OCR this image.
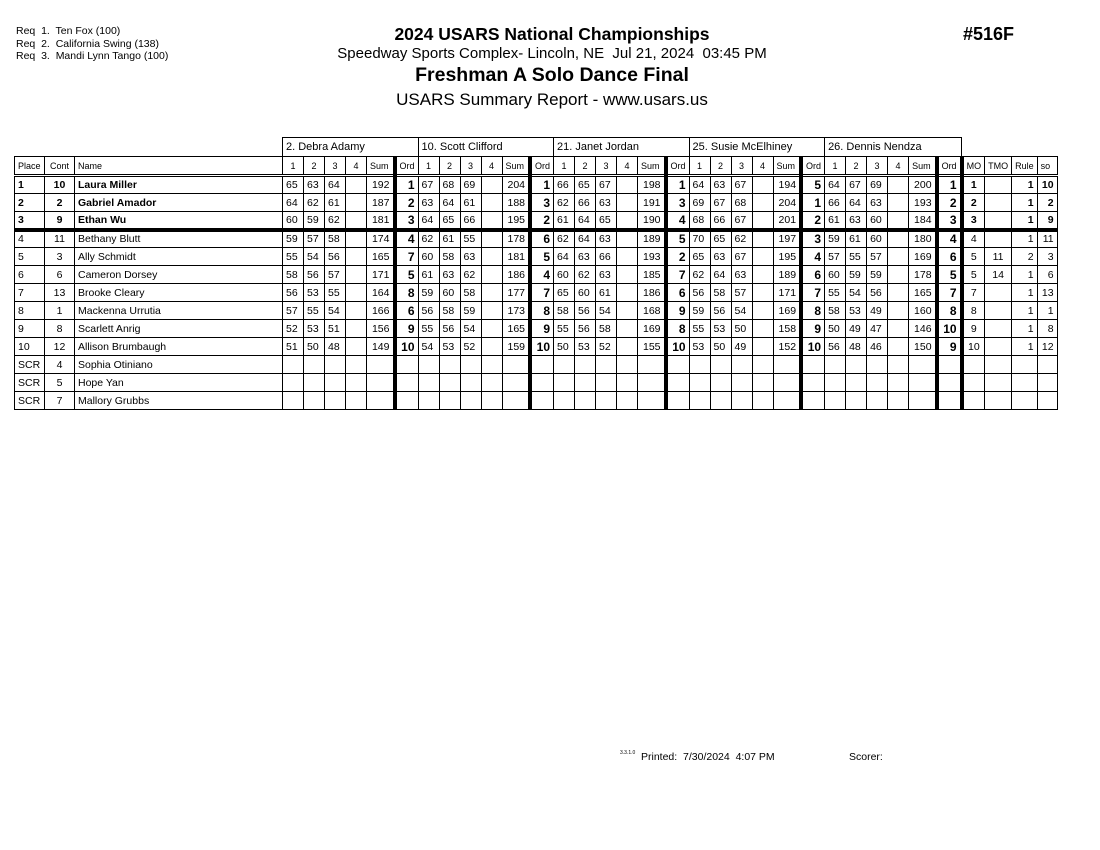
Req  1.  Ten Fox (100)
Req  2.  California Swing (138)
Req  3.  Mandi Lynn Tango (100)
2024 USARS National Championships
Speedway Sports Complex- Lincoln, NE  Jul 21, 2024  03:45 PM
Freshman A Solo Dance Final
USARS Summary Report - www.usars.us
#516F
			2. Debra Adamy						10. Scott Clifford						21. Janet Jordan						25. Susie McElhiney						26. Dennis Nendza									
Place	Cont	Name	1	2	3	4	Sum	Ord	1	2	3	4	Sum	Ord	1	2	3	4	Sum	Ord	1	2	3	4	Sum	Ord	1	2	3	4	Sum	Ord	MO	TMO	Rule	so
1	10	Laura Miller	65	63	64		192	1	67	68	69		204	1	66	65	67		198	1	64	63	67		194	5	64	67	69		200	1	1		1	10
2	2	Gabriel Amador	64	62	61		187	2	63	64	61		188	3	62	66	63		191	3	69	67	68		204	1	66	64	63		193	2	2		1	2
3	9	Ethan Wu	60	59	62		181	3	64	65	66		195	2	61	64	65		190	4	68	66	67		201	2	61	63	60		184	3	3		1	9
4	11	Bethany Blutt	59	57	58		174	4	62	61	55		178	6	62	64	63		189	5	70	65	62		197	3	59	61	60		180	4	4		1	11
5	3	Ally Schmidt	55	54	56		165	7	60	58	63		181	5	64	63	66		193	2	65	63	67		195	4	57	55	57		169	6	5	11	2	3
6	6	Cameron Dorsey	58	56	57		171	5	61	63	62		186	4	60	62	63		185	7	62	64	63		189	6	60	59	59		178	5	5	14	1	6
7	13	Brooke Cleary	56	53	55		164	8	59	60	58		177	7	65	60	61		186	6	56	58	57		171	7	55	54	56		165	7	7		1	13
8	1	Mackenna Urrutia	57	55	54		166	6	56	58	59		173	8	58	56	54		168	9	59	56	54		169	8	58	53	49		160	8	8		1	1
9	8	Scarlett Anrig	52	53	51		156	9	55	56	54		165	9	55	56	58		169	8	55	53	50		158	9	50	49	47		146	10	9		1	8
10	12	Allison Brumbaugh	51	50	48		149	10	54	53	52		159	10	50	53	52		155	10	53	50	49		152	10	56	48	46		150	9	10		1	12
SCR	4	Sophia Otiniano																																		
SCR	5	Hope Yan																																		
SCR	7	Mallory Grubbs																																		
3.3.1.0 Printed:  7/30/2024  4:07 PM	Scorer:
